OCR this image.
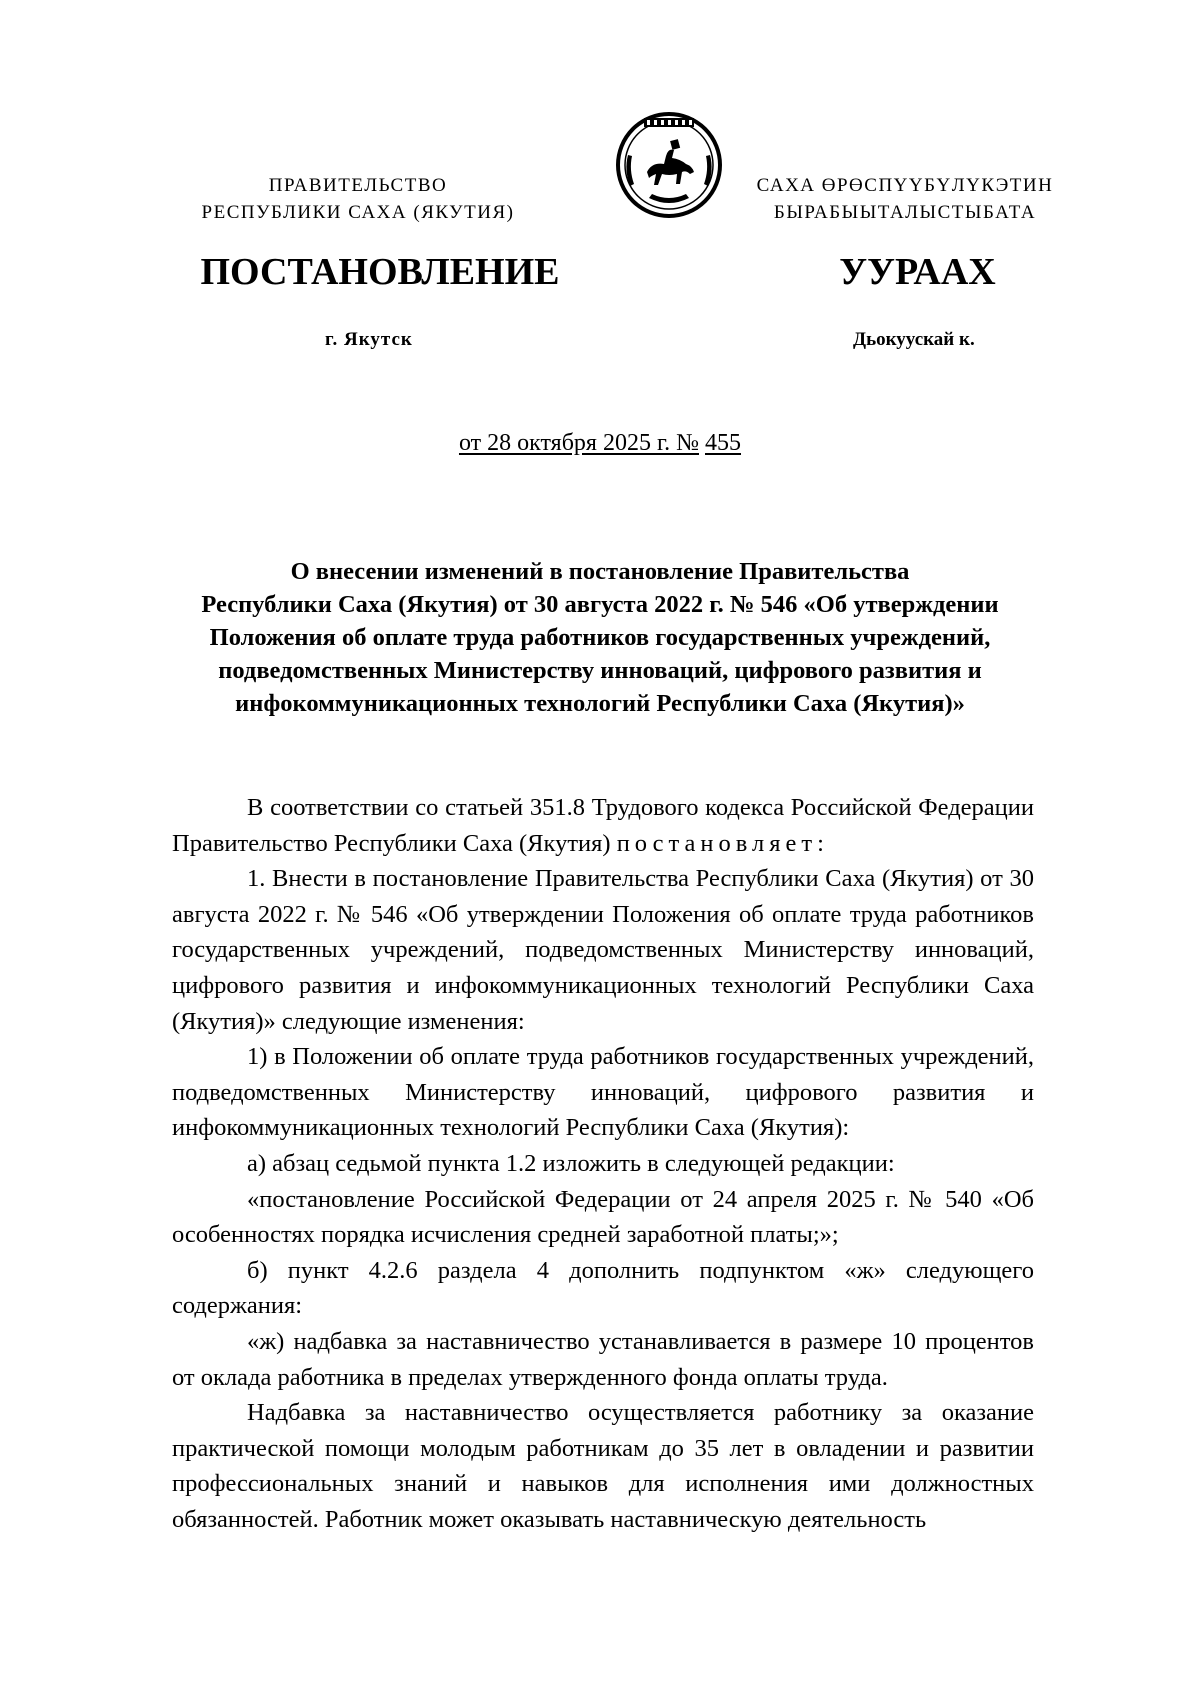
ПРАВИТЕЛЬСТВО
РЕСПУБЛИКИ САХА (ЯКУТИЯ)
САХА ӨРӨСПҮҮБҮЛҮКЭТИН
БЫРАБЫЫТАЛЫСТЫБАТА
ПОСТАНОВЛЕНИЕ	УУРААХ
г. Якутск	Дьокуускай к.
от 28 октября 2025 г. № 455
О внесении изменений в постановление Правительства
Республики Саха (Якутия) от 30 августа 2022 г. № 546 «Об утверждении
Положения об оплате труда работников государственных учреждений,
подведомственных Министерству инноваций, цифрового развития и
инфокоммуникационных технологий Республики Саха (Якутия)»

В соответствии со статьей 351.8 Трудового кодекса Российской Федерации Правительство Республики Саха (Якутия) постановляет:

1. Внести в постановление Правительства Республики Саха (Якутия) от 30 августа 2022 г. № 546 «Об утверждении Положения об оплате труда работников государственных учреждений, подведомственных Министерству инноваций, цифрового развития и инфокоммуникационных технологий Республики Саха (Якутия)» следующие изменения:

1) в Положении об оплате труда работников государственных учреждений, подведомственных Министерству инноваций, цифрового развития и инфокоммуникационных технологий Республики Саха (Якутия):

а) абзац седьмой пункта 1.2 изложить в следующей редакции:

«постановление Российской Федерации от 24 апреля 2025 г. № 540 «Об особенностях порядка исчисления средней заработной платы;»;

б) пункт 4.2.6 раздела 4 дополнить подпунктом «ж» следующего содержания:

«ж) надбавка за наставничество устанавливается в размере 10 процентов от оклада работника в пределах утвержденного фонда оплаты труда.

Надбавка за наставничество осуществляется работнику за оказание практической помощи молодым работникам до 35 лет в овладении и развитии профессиональных знаний и навыков для исполнения ими должностных обязанностей. Работник может оказывать наставническую деятельность
